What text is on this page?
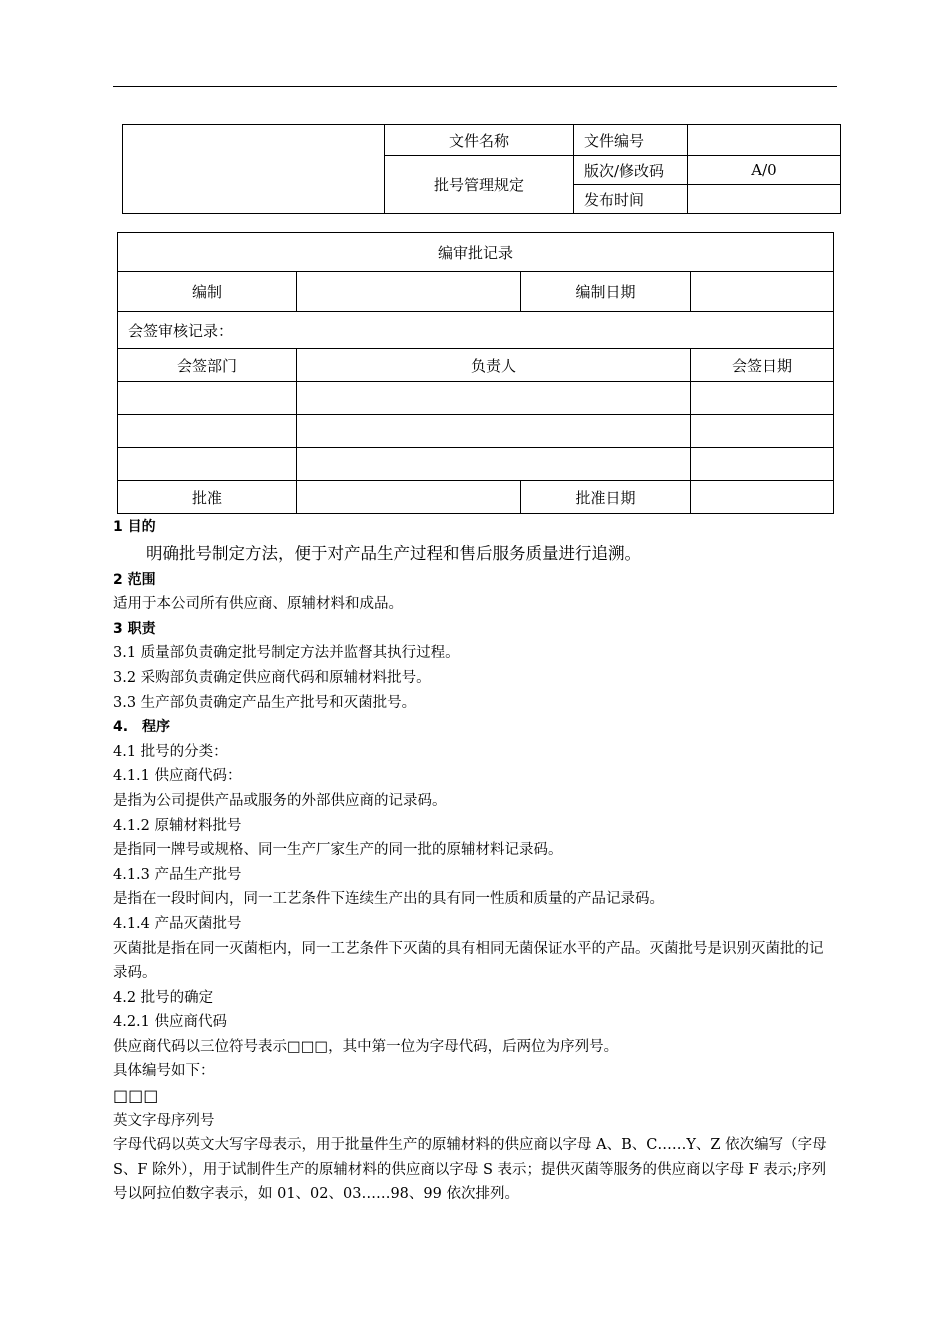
	文件名称	文件编号	
	批号管理规定	版次/修改码	A/0
		发布时间	
编审批记录			
编制		编制日期	
会签审核记录：			
会签部门	负责人		会签日期

批准		批准日期	
1 目的
明确批号制定方法，便于对产品生产过程和售后服务质量进行追溯。
2 范围
适用于本公司所有供应商、原辅材料和成品。
3 职责
3.1 质量部负责确定批号制定方法并监督其执行过程。
3.2 采购部负责确定供应商代码和原辅材料批号。
3.3 生产部负责确定产品生产批号和灭菌批号。
4.　程序
4.1 批号的分类：
4.1.1 供应商代码：
是指为公司提供产品或服务的外部供应商的记录码。
4.1.2 原辅材料批号
是指同一牌号或规格、同一生产厂家生产的同一批的原辅材料记录码。
4.1.3 产品生产批号
是指在一段时间内，同一工艺条件下连续生产出的具有同一性质和质量的产品记录码。
4.1.4 产品灭菌批号
灭菌批是指在同一灭菌柜内，同一工艺条件下灭菌的具有相同无菌保证水平的产品。灭菌批号是识别灭菌批的记录码。
4.2 批号的确定
4.2.1 供应商代码
供应商代码以三位符号表示□□□，其中第一位为字母代码，后两位为序列号。
具体编号如下：
□□□
英文字母序列号
字母代码以英文大写字母表示，用于批量件生产的原辅材料的供应商以字母 A、B、C……Y、Z 依次编写（字母 S、F 除外），用于试制件生产的原辅材料的供应商以字母 S 表示；提供灭菌等服务的供应商以字母 F 表示;序列号以阿拉伯数字表示，如 01、02、03……98、99 依次排列。
